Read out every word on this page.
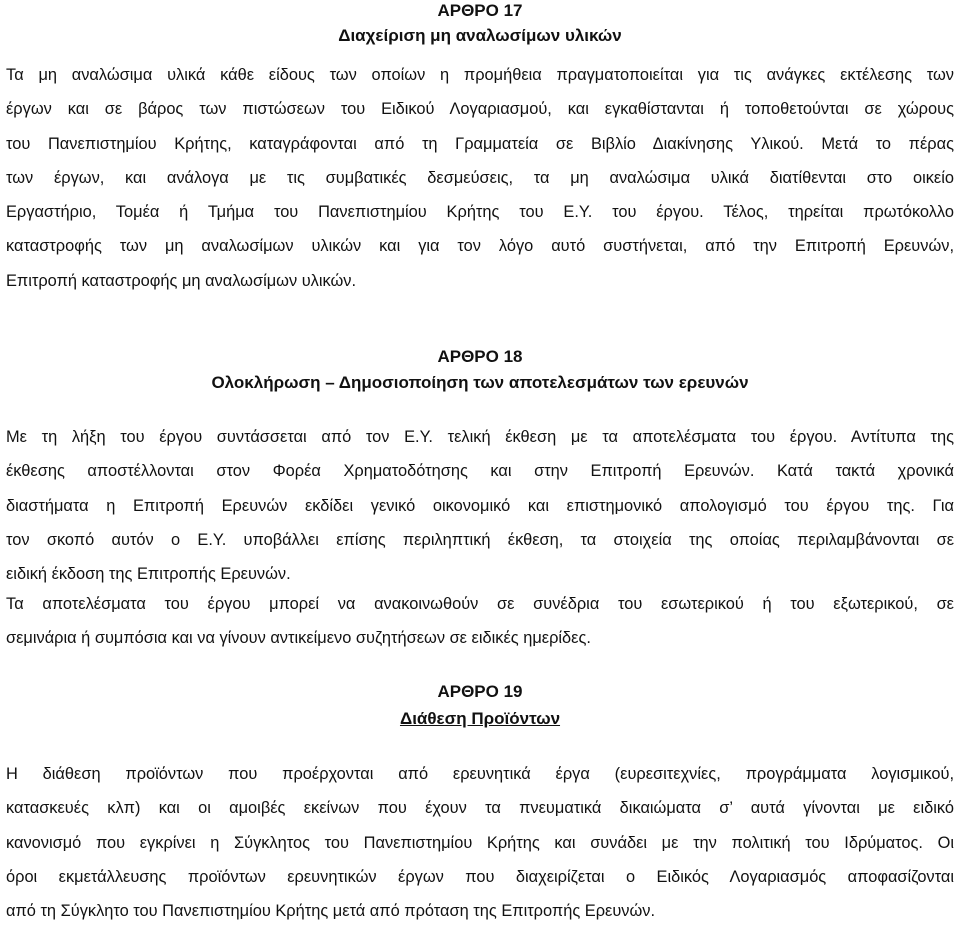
ΑΡΘΡΟ 17
Διαχείριση μη αναλωσίμων υλικών
Τα μη αναλώσιμα υλικά κάθε είδους των οποίων η προμήθεια πραγματοποιείται για τις ανάγκες εκτέλεσης των
έργων και σε βάρος των πιστώσεων του Ειδικού Λογαριασμού, και εγκαθίστανται ή τοποθετούνται σε χώρους
του Πανεπιστημίου Κρήτης, καταγράφονται από τη Γραμματεία σε Βιβλίο Διακίνησης Υλικού. Μετά το πέρας
των έργων, και ανάλογα με τις συμβατικές δεσμεύσεις, τα μη αναλώσιμα υλικά διατίθενται στο οικείο
Εργαστήριο, Τομέα ή Τμήμα του Πανεπιστημίου Κρήτης του Ε.Υ. του έργου. Τέλος, τηρείται πρωτόκολλο
καταστροφής των μη αναλωσίμων υλικών και για τον λόγο αυτό συστήνεται, από την Επιτροπή Ερευνών,
Επιτροπή καταστροφής μη αναλωσίμων υλικών.
ΑΡΘΡΟ 18
Ολοκλήρωση – Δημοσιοποίηση των αποτελεσμάτων των ερευνών
Με τη λήξη του έργου συντάσσεται από τον Ε.Υ. τελική έκθεση με τα αποτελέσματα του έργου. Αντίτυπα της
έκθεσης αποστέλλονται στον Φορέα Χρηματοδότησης και στην Επιτροπή Ερευνών. Κατά τακτά χρονικά
διαστήματα η Επιτροπή Ερευνών εκδίδει γενικό οικονομικό και επιστημονικό απολογισμό του έργου της. Για
τον σκοπό αυτόν ο Ε.Υ. υποβάλλει επίσης περιληπτική έκθεση, τα στοιχεία της οποίας περιλαμβάνονται σε
ειδική έκδοση της Επιτροπής Ερευνών.
Τα αποτελέσματα του έργου μπορεί να ανακοινωθούν σε συνέδρια του εσωτερικού ή του εξωτερικού, σε
σεμινάρια ή συμπόσια και να γίνουν αντικείμενο συζητήσεων σε ειδικές ημερίδες.
ΑΡΘΡΟ 19
Διάθεση Προϊόντων
Η διάθεση προϊόντων που προέρχονται από ερευνητικά έργα (ευρεσιτεχνίες, προγράμματα λογισμικού,
κατασκευές κλπ) και οι αμοιβές εκείνων που έχουν τα πνευματικά δικαιώματα σ’ αυτά γίνονται με ειδικό
κανονισμό που εγκρίνει η Σύγκλητος του Πανεπιστημίου Κρήτης και συνάδει με την πολιτική του Ιδρύματος. Οι
όροι εκμετάλλευσης προϊόντων ερευνητικών έργων που διαχειρίζεται ο Ειδικός Λογαριασμός αποφασίζονται
από τη Σύγκλητο του Πανεπιστημίου Κρήτης μετά από πρόταση της Επιτροπής Ερευνών.
